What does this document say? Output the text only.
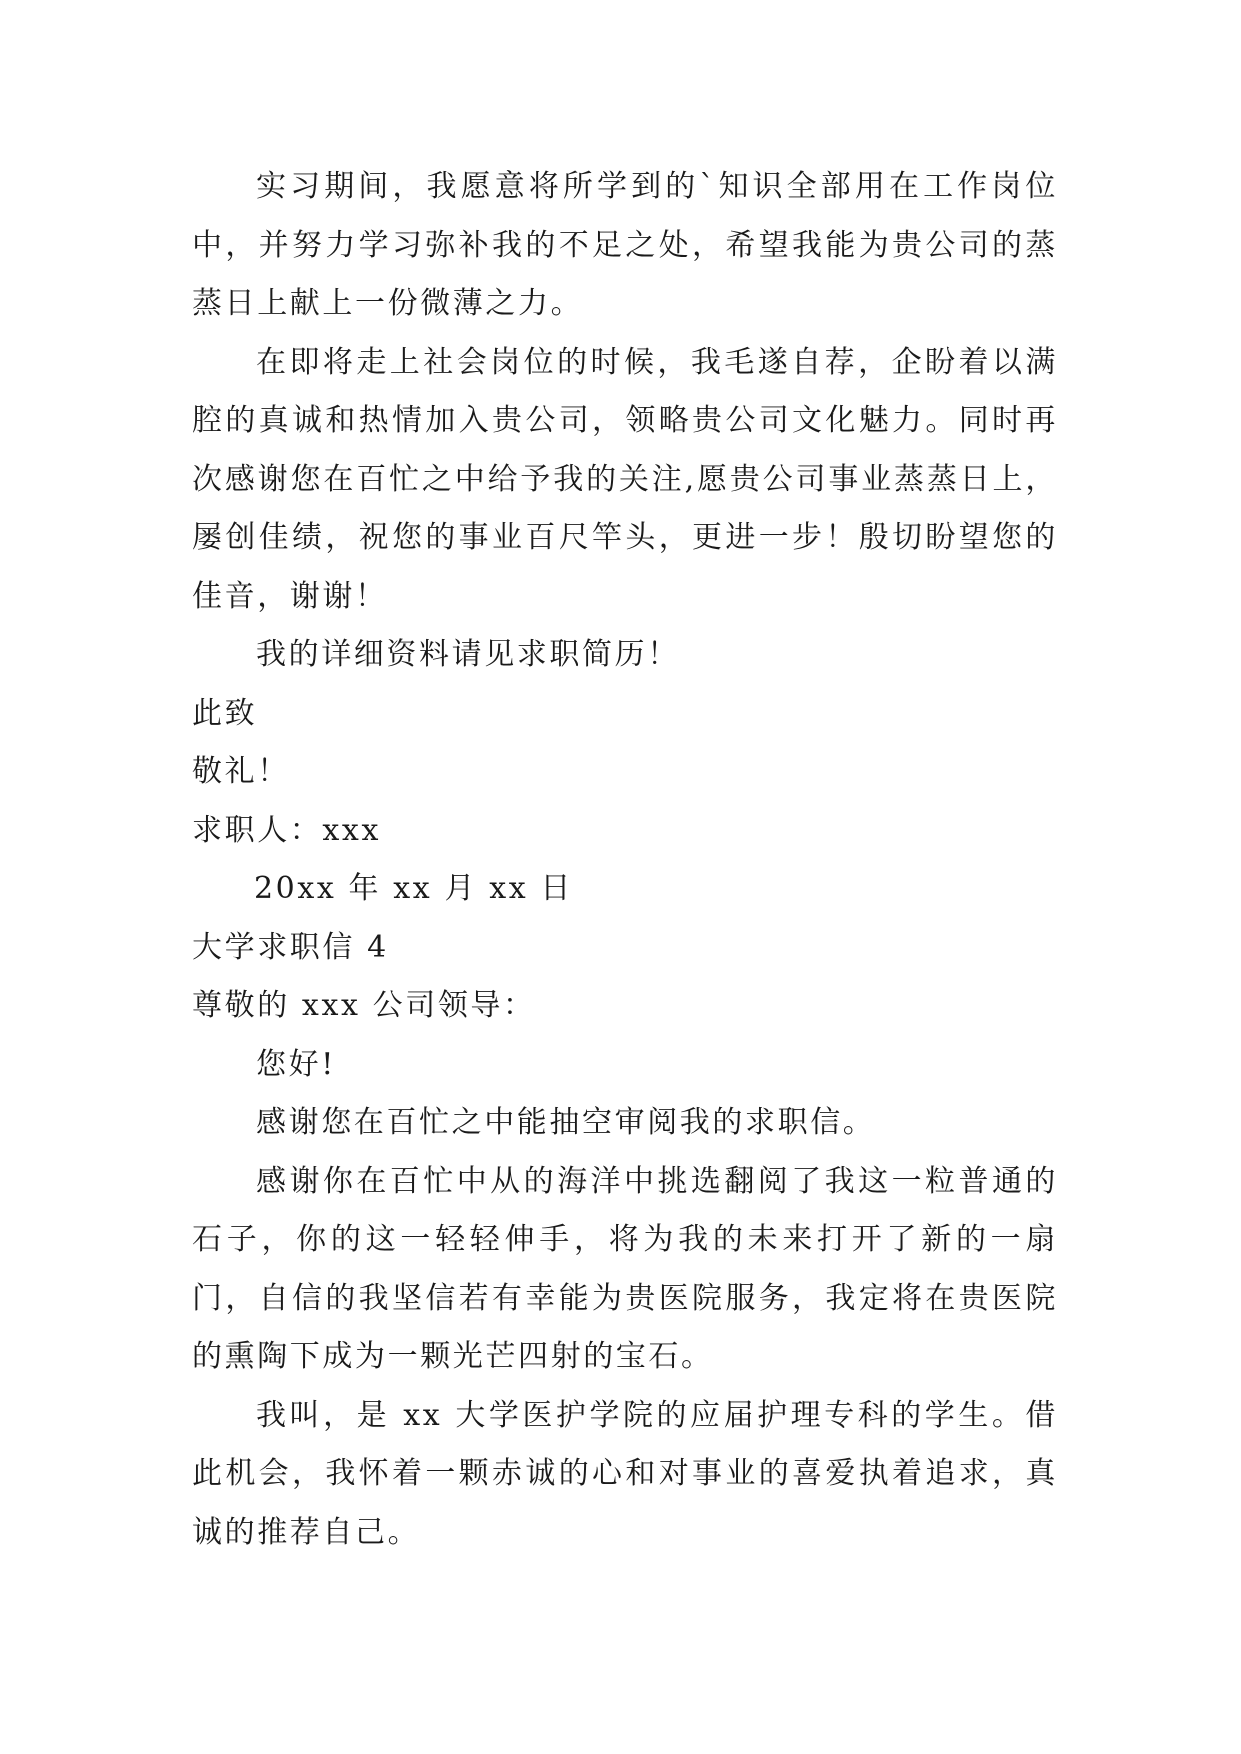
实习期间，我愿意将所学到的`知识全部用在工作岗位中，并努力学习弥补我的不足之处，希望我能为贵公司的蒸蒸日上献上一份微薄之力。

在即将走上社会岗位的时候，我毛遂自荐，企盼着以满腔的真诚和热情加入贵公司，领略贵公司文化魅力。同时再次感谢您在百忙之中给予我的关注,愿贵公司事业蒸蒸日上，屡创佳绩，祝您的事业百尺竿头，更进一步！殷切盼望您的佳音，谢谢！

我的详细资料请见求职简历！

此致

敬礼！

求职人：xxx

20xx 年 xx 月 xx 日

大学求职信 4

尊敬的 xxx 公司领导：

您好!

感谢您在百忙之中能抽空审阅我的求职信。

感谢你在百忙中从的海洋中挑选翻阅了我这一粒普通的石子，你的这一轻轻伸手，将为我的未来打开了新的一扇门，自信的我坚信若有幸能为贵医院服务，我定将在贵医院的熏陶下成为一颗光芒四射的宝石。

我叫，是 xx 大学医护学院的应届护理专科的学生。借此机会，我怀着一颗赤诚的心和对事业的喜爱执着追求，真诚的推荐自己。
